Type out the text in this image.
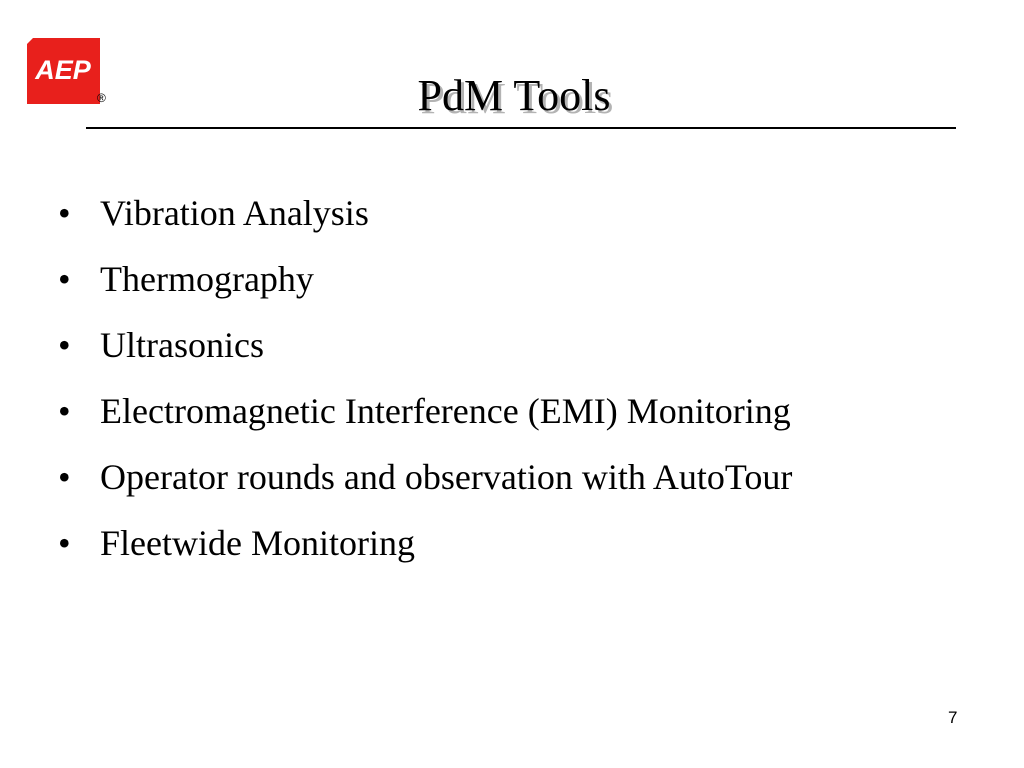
AEP
®	PdM Tools
• Vibration Analysis
• Thermography
• Ultrasonics
• Electromagnetic Interference (EMI) Monitoring
• Operator rounds and observation with AutoTour
• Fleetwide Monitoring
7
